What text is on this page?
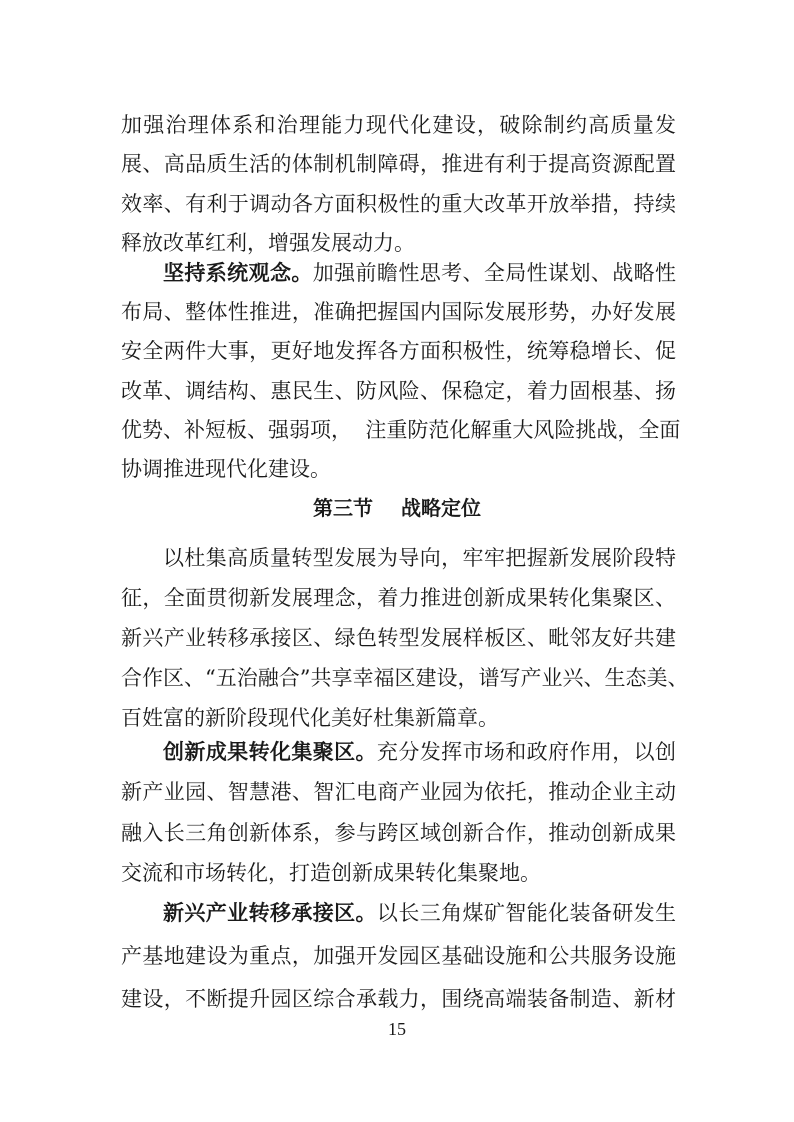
加强治理体系和治理能力现代化建设，破除制约高质量发
展、高品质生活的体制机制障碍，推进有利于提高资源配置
效率、有利于调动各方面积极性的重大改革开放举措，持续
释放改革红利，增强发展动力。
坚持系统观念。加强前瞻性思考、全局性谋划、战略性
布局、整体性推进，准确把握国内国际发展形势，办好发展
安全两件大事，更好地发挥各方面积极性，统筹稳增长、促
改革、调结构、惠民生、防风险、保稳定，着力固根基、扬
优势、补短板、强弱项，  注重防范化解重大风险挑战，全面
第三节 战略定位
以杜集高质量转型发展为导向，牢牢把握新发展阶段特
征，全面贯彻新发展理念，着力推进创新成果转化集聚区、
新兴产业转移承接区、绿色转型发展样板区、毗邻友好共建
合作区、“五治融合”共享幸福区建设，谱写产业兴、生态美、
百姓富的新阶段现代化美好杜集新篇章。
创新成果转化集聚区。充分发挥市场和政府作用，以创
新产业园、智慧港、智汇电商产业园为依托，推动企业主动
融入长三角创新体系，参与跨区域创新合作，推动创新成果
交流和市场转化，打造创新成果转化集聚地。
新兴产业转移承接区。以长三角煤矿智能化装备研发生
产基地建设为重点，加强开发园区基础设施和公共服务设施
15
协调推进现代化建设。
建设，不断提升园区综合承载力，围绕高端装备制造、新材
